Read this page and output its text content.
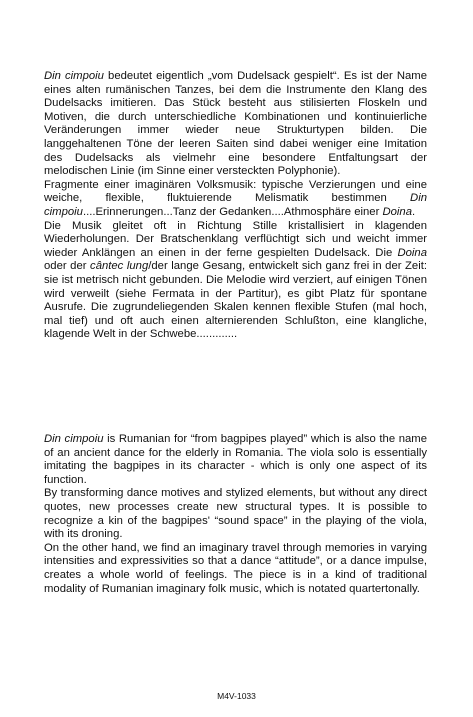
Din cimpoiu bedeutet eigentlich „vom Dudelsack gespielt“. Es ist der Name eines alten rumänischen Tanzes, bei dem die Instrumente den Klang des Dudelsacks imitieren. Das Stück besteht aus stilisierten Floskeln und Motiven, die durch unterschiedliche Kombinationen und kontinuierliche Veränderungen immer wieder neue Strukturtypen bilden. Die langgehaltenen Töne der leeren Saiten sind dabei weniger eine Imitation des Dudelsacks als vielmehr eine besondere Entfaltungsart der melodischen Linie (im Sinne einer versteckten Polyphonie).

Fragmente einer imaginären Volksmusik: typische Verzierungen und eine weiche, flexible, fluktuierende Melismatik bestimmen Din cimpoiu....Erinnerungen...Tanz der Gedanken....Athmosphäre einer Doina.

Die Musik gleitet oft in Richtung Stille kristallisiert in klagenden Wiederholungen. Der Bratschenklang verflüchtigt sich und weicht immer wieder Anklängen an einen in der ferne gespielten Dudelsack. Die Doina oder der cântec lung/der lange Gesang, entwickelt sich ganz frei in der Zeit: sie ist metrisch nicht gebunden. Die Melodie wird verziert, auf einigen Tönen wird verweilt (siehe Fermata in der Partitur), es gibt Platz für spontane Ausrufe. Die zugrundeliegenden Skalen kennen flexible Stufen (mal hoch, mal tief) und oft auch einen alternierenden Schlußton, eine klangliche, klagende Welt in der Schwebe.............

Din cimpoiu is Rumanian for “from bagpipes played” which is also the name of an ancient dance for the elderly in Romania. The viola solo is essentially imitating the bagpipes in its character - which is only one aspect of its function.

By transforming dance motives and stylized elements, but without any direct quotes, new processes create new structural types. It is possible to recognize a kin of the bagpipes' “sound space” in the playing of the viola, with its droning.

On the other hand, we find an imaginary travel through memories in varying intensities and expressivities so that a dance “attitude”, or a dance impulse, creates a whole world of feelings. The piece is in a kind of traditional modality of Rumanian imaginary folk music, which is notated quartertonally.

M4V-1033
